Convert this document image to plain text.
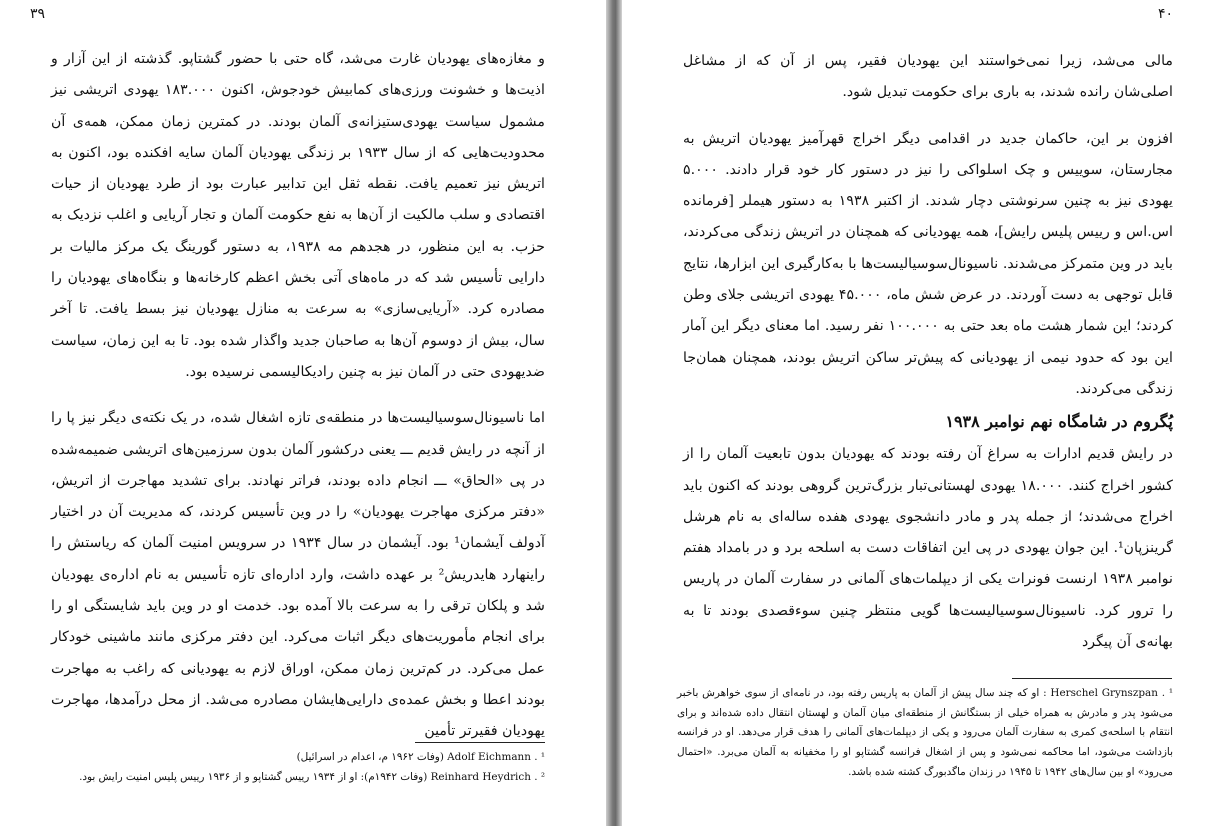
۳۹

و مغازه‌های یهودیان غارت می‌شد، گاه حتی با حضور گشتاپو. گذشته از این آزار و اذیت‌ها و خشونت ورزی‌های کمابیش خودجوش، اکنون ۱۸۳.۰۰۰ یهودی اتریشی نیز مشمول سیاست یهودی‌ستیزانه‌ی آلمان بودند. در کمترین زمان ممکن، همه‌ی آن محدودیت‌هایی که از سال ۱۹۳۳ بر زندگی یهودیان آلمان سایه افکنده بود، اکنون به اتریش نیز تعمیم یافت. نقطه ثقل این تدابیر عبارت بود از طرد یهودیان از حیات اقتصادی و سلب مالکیت از آن‌ها به نفع حکومت آلمان و تجار آریایی و اغلب نزدیک به حزب. به این منظور، در هجدهم مه ۱۹۳۸، به دستور گورینگ یک مرکز مالیات بر دارایی تأسیس شد که در ماه‌های آتی بخش اعظم کارخانه‌ها و بنگاه‌های یهودیان را مصادره کرد. «آریایی‌سازی» به سرعت به منازل یهودیان نیز بسط یافت. تا آخر سال، بیش از دوسوم آن‌ها به صاحبان جدید واگذار شده بود. تا به این زمان، سیاست ضدیهودی حتی در آلمان نیز به چنین رادیکالیسمی نرسیده بود.

اما ناسیونال‌سوسیالیست‌ها در منطقه‌ی تازه اشغال شده، در یک نکته‌ی دیگر نیز پا را از آنچه در رایش قدیم ـــ یعنی درکشور آلمان بدون سرزمین‌های اتریشی ضمیمه‌شده در پی «الحاق» ـــ انجام داده بودند، فراتر نهادند. برای تشدید مهاجرت از اتریش، «دفتر مرکزی مهاجرت یهودیان» را در وین تأسیس کردند، که مدیریت آن در اختیار آدولف آیشمان¹ بود. آیشمان در سال ۱۹۳۴ در سرویس امنیت آلمان که ریاستش را راینهارد هایدریش² بر عهده داشت، وارد اداره‌ای تازه تأسیس به نام اداره‌ی یهودیان شد و پلکان ترقی را به سرعت بالا آمده بود. خدمت او در وین باید شایستگی او را برای انجام مأموریت‌های دیگر اثبات می‌کرد. این دفتر مرکزی مانند ماشینی خودکار عمل می‌کرد. در کم‌ترین زمان ممکن، اوراق لازم به یهودیانی که راغب به مهاجرت بودند اعطا و بخش عمده‌ی دارایی‌هایشان مصادره می‌شد. از محل درآمدها، مهاجرت یهودیان فقیرتر تأمین

¹ . Adolf Eichmann (وفات ۱۹۶۲ م، اعدام در اسرائیل)

² . Reinhard Heydrich (وفات ۱۹۴۲م): او از ۱۹۳۴ رییس گشتاپو و از ۱۹۳۶ رییس پلیس امنیت رایش بود.

۴۰

مالی می‌شد، زیرا نمی‌خواستند این یهودیان فقیر، پس از آن که از مشاغل اصلی‌شان رانده شدند، به باری برای حکومت تبدیل شود.

افزون بر این، حاکمان جدید در اقدامی دیگر اخراج قهرآمیز یهودیان اتریش به مجارستان، سوییس و چک اسلواکی را نیز در دستور کار خود قرار دادند. ۵.۰۰۰ یهودی نیز به چنین سرنوشتی دچار شدند. از اکتبر ۱۹۳۸ به دستور هیملر [فرمانده اس.اس و رییس پلیس رایش]، همه یهودیانی که همچنان در اتریش زندگی می‌کردند، باید در وین متمرکز می‌شدند. ناسیونال‌سوسیالیست‌ها با به‌کارگیری این ابزارها، نتایج قابل توجهی به دست آوردند. در عرض شش ماه، ۴۵.۰۰۰ یهودی اتریشی جلای وطن کردند؛ این شمار هشت ماه بعد حتی به ۱۰۰.۰۰۰ نفر رسید. اما معنای دیگر این آمار این بود که حدود نیمی از یهودیانی که پیش‌تر ساکن اتریش بودند، همچنان همان‌جا زندگی می‌کردند.

پُگروم در شامگاه نهم نوامبر ۱۹۳۸

در رایش قدیم ادارات به سراغ آن رفته بودند که یهودیان بدون تابعیت آلمان را از کشور اخراج کنند. ۱۸.۰۰۰ یهودی لهستانی‌تبار بزرگ‌ترین گروهی بودند که اکنون باید اخراج می‌شدند؛ از جمله پدر و مادر دانشجوی یهودی هفده ساله‌ای به نام هرشل گرینزپان¹. این جوان یهودی در پی این اتفاقات دست به اسلحه برد و در بامداد هفتم نوامبر ۱۹۳۸ ارنست فونرات یکی از دیپلمات‌های آلمانی در سفارت آلمان در پاریس را ترور کرد. ناسیونال‌سوسیالیست‌ها گویی منتظر چنین سوءقصدی بودند تا به بهانه‌ی آن پیگرد

¹ . Herschel Grynszpan : او که چند سال پیش از آلمان به پاریس رفته بود، در نامه‌ای از سوی خواهرش باخبر می‌شود پدر و مادرش به همراه خیلی از بستگانش از منطقه‌ای میان آلمان و لهستان انتقال داده شده‌اند و برای انتقام با اسلحه‌ی کمری به سفارت آلمان می‌رود و یکی از دیپلمات‌های آلمانی را هدف قرار می‌دهد. او در فرانسه بازداشت می‌شود، اما محاکمه نمی‌شود و پس از اشغال فرانسه گشتاپو او را مخفیانه به آلمان می‌برد. «احتمال می‌رود» او بین سال‌های ۱۹۴۲ تا ۱۹۴۵ در زندان ماگدبورگ کشته شده باشد.
